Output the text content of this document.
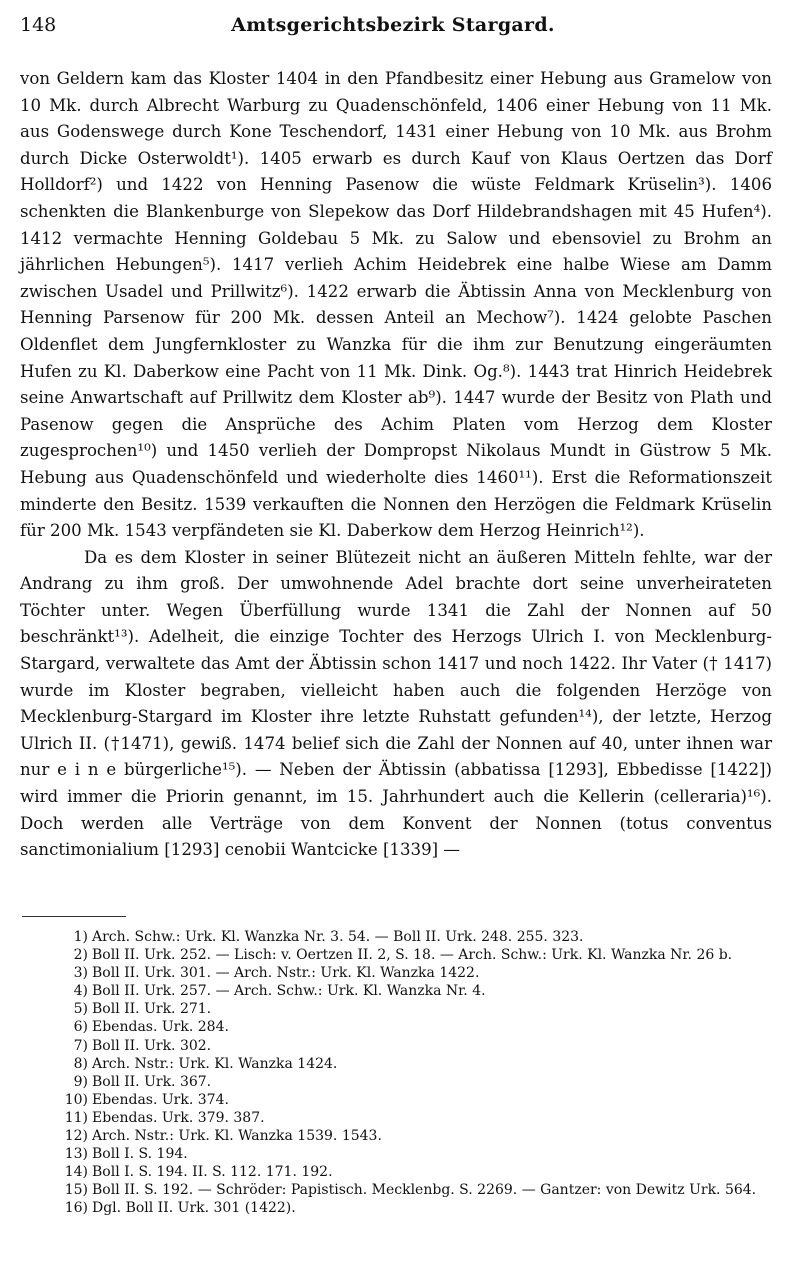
148	Amtsgerichtsbezirk Stargard.

von Geldern kam das Kloster 1404 in den Pfandbesitz einer Hebung aus Gramelow von 10 Mk. durch Albrecht Warburg zu Quadenschönfeld, 1406 einer Hebung von 11 Mk. aus Godenswege durch Kone Teschendorf, 1431 einer Hebung von 10 Mk. aus Brohm durch Dicke Osterwoldt¹). 1405 erwarb es durch Kauf von Klaus Oertzen das Dorf Holldorf²) und 1422 von Henning Pasenow die wüste Feldmark Krüselin³). 1406 schenkten die Blankenburge von Slepekow das Dorf Hildebrandshagen mit 45 Hufen⁴). 1412 vermachte Henning Goldebau 5 Mk. zu Salow und ebensoviel zu Brohm an jährlichen Hebungen⁵). 1417 verlieh Achim Heidebrek eine halbe Wiese am Damm zwischen Usadel und Prillwitz⁶). 1422 erwarb die Äbtissin Anna von Mecklenburg von Henning Parsenow für 200 Mk. dessen Anteil an Mechow⁷). 1424 gelobte Paschen Oldenflet dem Jungfernkloster zu Wanzka für die ihm zur Benutzung eingeräumten Hufen zu Kl. Daberkow eine Pacht von 11 Mk. Dink. Og.⁸). 1443 trat Hinrich Heidebrek seine Anwartschaft auf Prillwitz dem Kloster ab⁹). 1447 wurde der Besitz von Plath und Pasenow gegen die Ansprüche des Achim Platen vom Herzog dem Kloster zugesprochen¹⁰) und 1450 verlieh der Dompropst Nikolaus Mundt in Güstrow 5 Mk. Hebung aus Quadenschönfeld und wiederholte dies 1460¹¹). Erst die Reformationszeit minderte den Besitz. 1539 verkauften die Nonnen den Herzögen die Feldmark Krüselin für 200 Mk. 1543 verpfändeten sie Kl. Daberkow dem Herzog Heinrich¹²).

Da es dem Kloster in seiner Blütezeit nicht an äußeren Mitteln fehlte, war der Andrang zu ihm groß. Der umwohnende Adel brachte dort seine unverheirateten Töchter unter. Wegen Überfüllung wurde 1341 die Zahl der Nonnen auf 50 beschränkt¹³). Adelheit, die einzige Tochter des Herzogs Ulrich I. von Mecklenburg-Stargard, verwaltete das Amt der Äbtissin schon 1417 und noch 1422. Ihr Vater († 1417) wurde im Kloster begraben, vielleicht haben auch die folgenden Herzöge von Mecklenburg-Stargard im Kloster ihre letzte Ruhstatt gefunden¹⁴), der letzte, Herzog Ulrich II. (†1471), gewiß. 1474 belief sich die Zahl der Nonnen auf 40, unter ihnen war nur e i n e bürgerliche¹⁵). — Neben der Äbtissin (abbatissa [1293], Ebbedisse [1422]) wird immer die Priorin genannt, im 15. Jahrhundert auch die Kellerin (celleraria)¹⁶). Doch werden alle Verträge von dem Konvent der Nonnen (totus conventus sanctimonialium [1293] cenobii Wantcicke [1339] —

1) Arch. Schw.: Urk. Kl. Wanzka Nr. 3. 54. — Boll II. Urk. 248. 255. 323.
2) Boll II. Urk. 252. — Lisch: v. Oertzen II. 2, S. 18. — Arch. Schw.: Urk. Kl. Wanzka Nr. 26 b.
3) Boll II. Urk. 301. — Arch. Nstr.: Urk. Kl. Wanzka 1422.
4) Boll II. Urk. 257. — Arch. Schw.: Urk. Kl. Wanzka Nr. 4.
5) Boll II. Urk. 271.
6) Ebendas. Urk. 284.
7) Boll II. Urk. 302.
8) Arch. Nstr.: Urk. Kl. Wanzka 1424.
9) Boll II. Urk. 367.
10) Ebendas. Urk. 374.
11) Ebendas. Urk. 379. 387.
12) Arch. Nstr.: Urk. Kl. Wanzka 1539. 1543.
13) Boll I. S. 194.
14) Boll I. S. 194. II. S. 112. 171. 192.
15) Boll II. S. 192. — Schröder: Papistisch. Mecklenbg. S. 2269. — Gantzer: von Dewitz Urk. 564.
16) Dgl. Boll II. Urk. 301 (1422).
